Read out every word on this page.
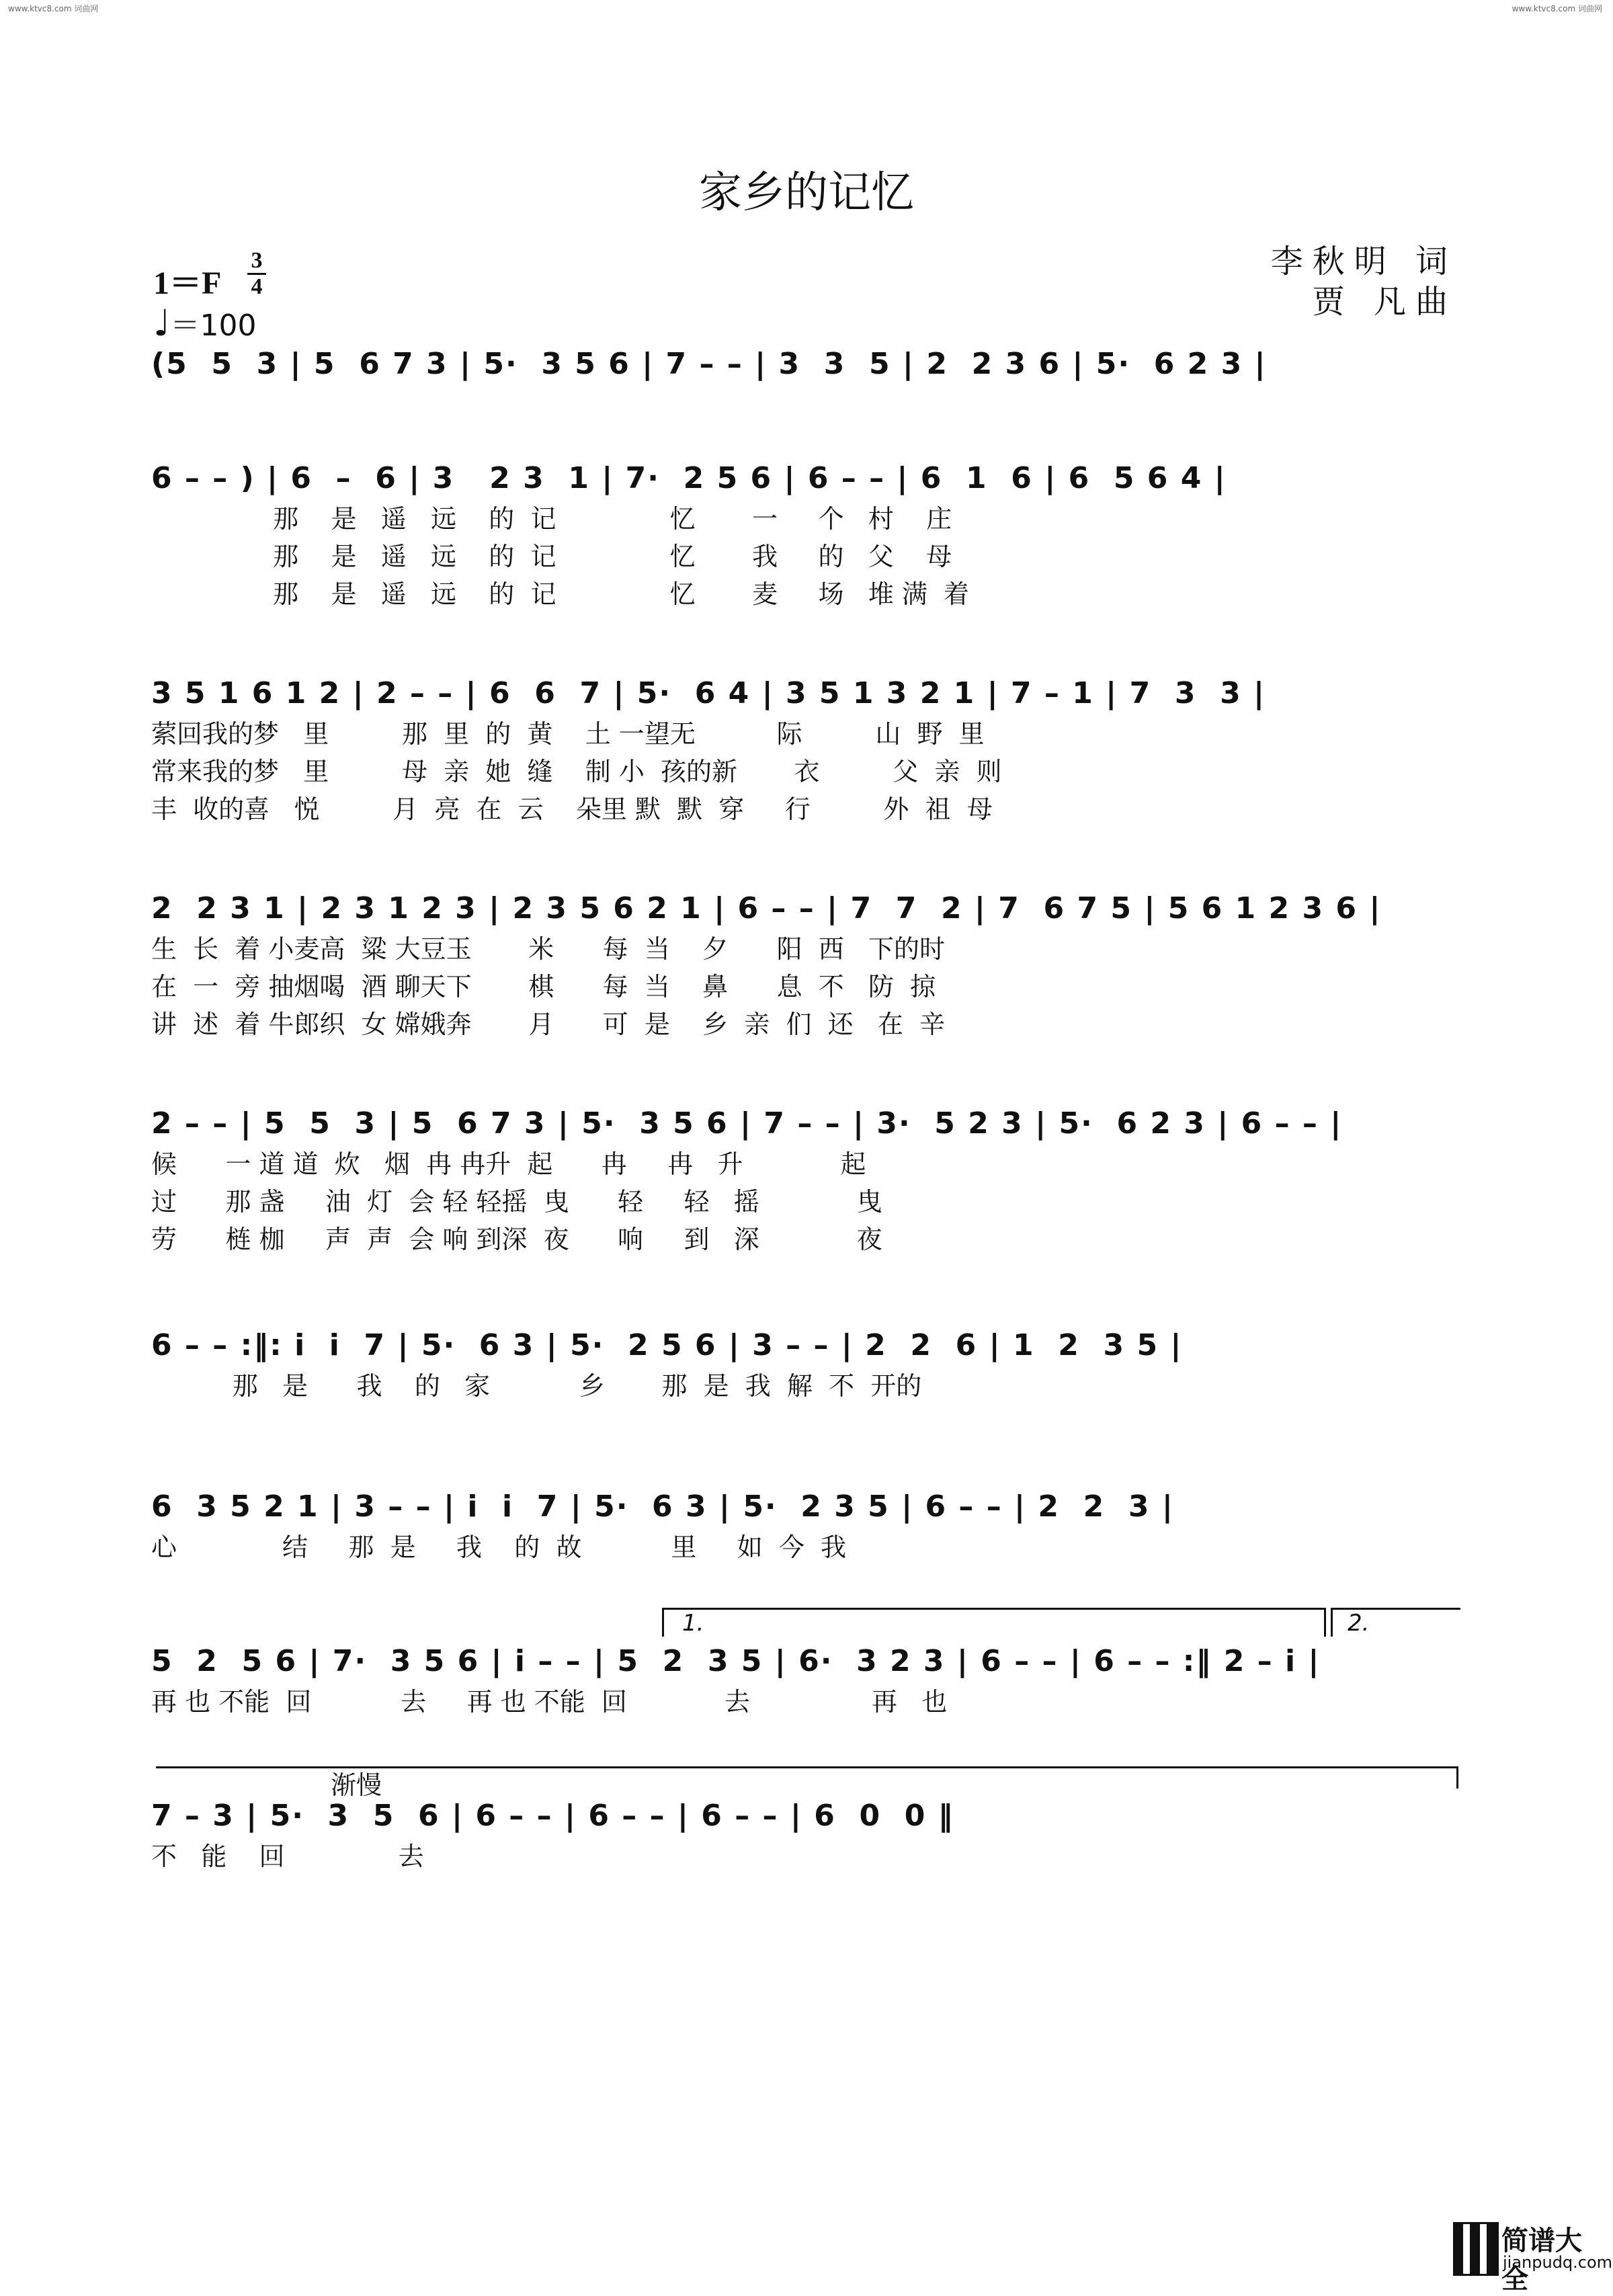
www.ktvc8.com 词曲网	www.ktvc8.com 词曲网
家乡的记忆
李秋明 词
贾 凡曲
1＝F
3
4
♩＝100
(5  5  3 | 5  6 7 3 | 5·  3 5 6 | 7 – – | 3  3  5 | 2  2 3 6 | 5·  6 2 3 |
6 – – ) | 6  –  6 | 3   2 3  1 | 7·  2 5 6 | 6 – – | 6  1  6 | 6  5 6 4 |
那    是   遥   远    的  记              忆       一     个   村    庄
那    是   遥   远    的  记              忆       我     的   父    母
那    是   遥   远    的  记              忆       麦     场   堆 满  着
3 5 1 6 1 2 | 2 – – | 6  6  7 | 5·  6 4 | 3 5 1 3 2 1 | 7 – 1 | 7  3  3 |
萦回我的梦   里         那  里  的  黄    土 一望无          际         山  野  里
常来我的梦   里         母  亲  她  缝    制 小  孩的新       衣         父  亲  则
丰  收的喜   悦         月  亮  在  云    朵里 默  默  穿     行         外  祖  母
2  2 3 1 | 2 3 1 2 3 | 2 3 5 6 2 1 | 6 – – | 7  7  2 | 7  6 7 5 | 5 6 1 2 3 6 |
生  长  着 小麦高  粱 大豆玉       米      每  当    夕      阳  西   下的时
在  一  旁 抽烟喝  酒 聊天下       棋      每  当    鼻      息  不   防  掠
讲  述  着 牛郎织  女 嫦娥奔       月      可  是    乡  亲  们  还   在  辛
2 – – | 5  5  3 | 5  6 7 3 | 5·  3 5 6 | 7 – – | 3·  5 2 3 | 5·  6 2 3 | 6 – – |
候      一 道 道  炊   烟  冉 冉升  起      冉     冉   升            起
过      那 盏     油  灯  会 轻 轻摇  曳      轻     轻   摇            曳
劳      梿 枷     声  声  会 响 到深  夜      响     到   深            夜
6 – – :‖: i  i  7 | 5·  6 3 | 5·  2 5 6 | 3 – – | 2  2  6 | 1  2  3 5 |
那   是      我    的   家           乡       那  是  我  解  不  开的
6  3 5 2 1 | 3 – – | i  i  7 | 5·  6 3 | 5·  2 3 5 | 6 – – | 2  2  3 |
心             结     那  是     我    的  故           里     如  今  我
5  2  5 6 | 7·  3 5 6 | i – – | 5  2  3 5 | 6·  3 2 3 | 6 – – | 6 – – :‖ 2 – i |
再 也 不能  回           去     再 也 不能  回            去               再   也
7 – 3 | 5·  3  5  6 | 6 – – | 6 – – | 6 – – | 6  0  0 ‖
不   能    回              去
1.	2.
渐慢
简谱大全
jianpudq.com
